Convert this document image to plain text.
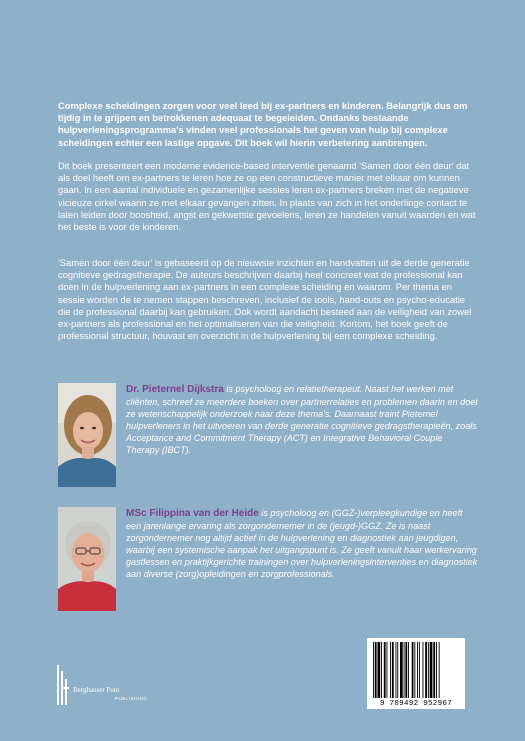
Complexe scheidingen zorgen voor veel leed bij ex-partners en kinderen. Belangrijk dus om tijdig in te grijpen en betrokkenen adequaat te begeleiden. Ondanks bestaande hulpverleningsprogramma's vinden veel professionals het geven van hulp bij complexe scheidingen echter een lastige opgave. Dit boek wil hierin verbetering aanbrengen.

Dit boek presenteert een moderne evidence-based interventie genaamd 'Samen door één deur' dat als doel heeft om ex-partners te leren hoe ze op een constructieve manier met elkaar om kunnen gaan. In een aantal individuele en gezamenlijke sessies leren ex-partners breken met de negatieve vicieuze cirkel waarin ze met elkaar gevangen zitten. In plaats van zich in het onderlinge contact te laten leiden door boosheid, angst en gekwetste gevoelens, leren ze handelen vanuit waarden en wat het beste is voor de kinderen.

'Samen door één deur' is gebaseerd op de nieuwste inzichten en handvatten uit de derde generatie cognitieve gedragstherapie. De auteurs beschrijven daarbij heel concreet wat de professional kan doen in de hulpverlening aan ex-partners in een complexe scheiding en waarom. Per thema en sessie worden de te nemen stappen beschreven, inclusief de tools, hand-outs en psycho-educatie die de professional daarbij kan gebruiken. Ook wordt aandacht besteed aan de veiligheid van zowel ex-partners als professional en het optimaliseren van die veiligheid. Kortom, het boek geeft de professional structuur, houvast en overzicht in de hulpverlening bij een complexe scheiding.

Dr. Pieternel Dijkstra is psycholoog en relatietherapeut. Naast het werken met cliënten, schreef ze meerdere boeken over partnerrelaties en problemen daarin en doet ze wetenschappelijk onderzoek naar deze thema's. Daarnaast traint Pieternel hulpverleners in het uitvoeren van derde generatie cognitieve gedragstherapieën, zoals Acceptance and Commitment Therapy (ACT) en Integrative Behavioral Couple Therapy (IBCT).

MSc Filippina van der Heide is psycholoog en (GGZ-)verpleegkundige en heeft een jarenlange ervaring als zorgondernemer in de (jeugd-)GGZ. Ze is naast zorgondernemer nog altijd actief in de hulpverlening en diagnostiek aan jeugdigen, waarbij een systemische aanpak het uitgangspunt is. Ze geeft vanuit haar werkervaring gastlessen en praktijkgerichte trainingen over hulpverleningsinterventies en diagnostiek aan diverse (zorg)opleidingen en zorgprofessionals.

Berghauser Pont
PUBLISHING
9 789492 952967
